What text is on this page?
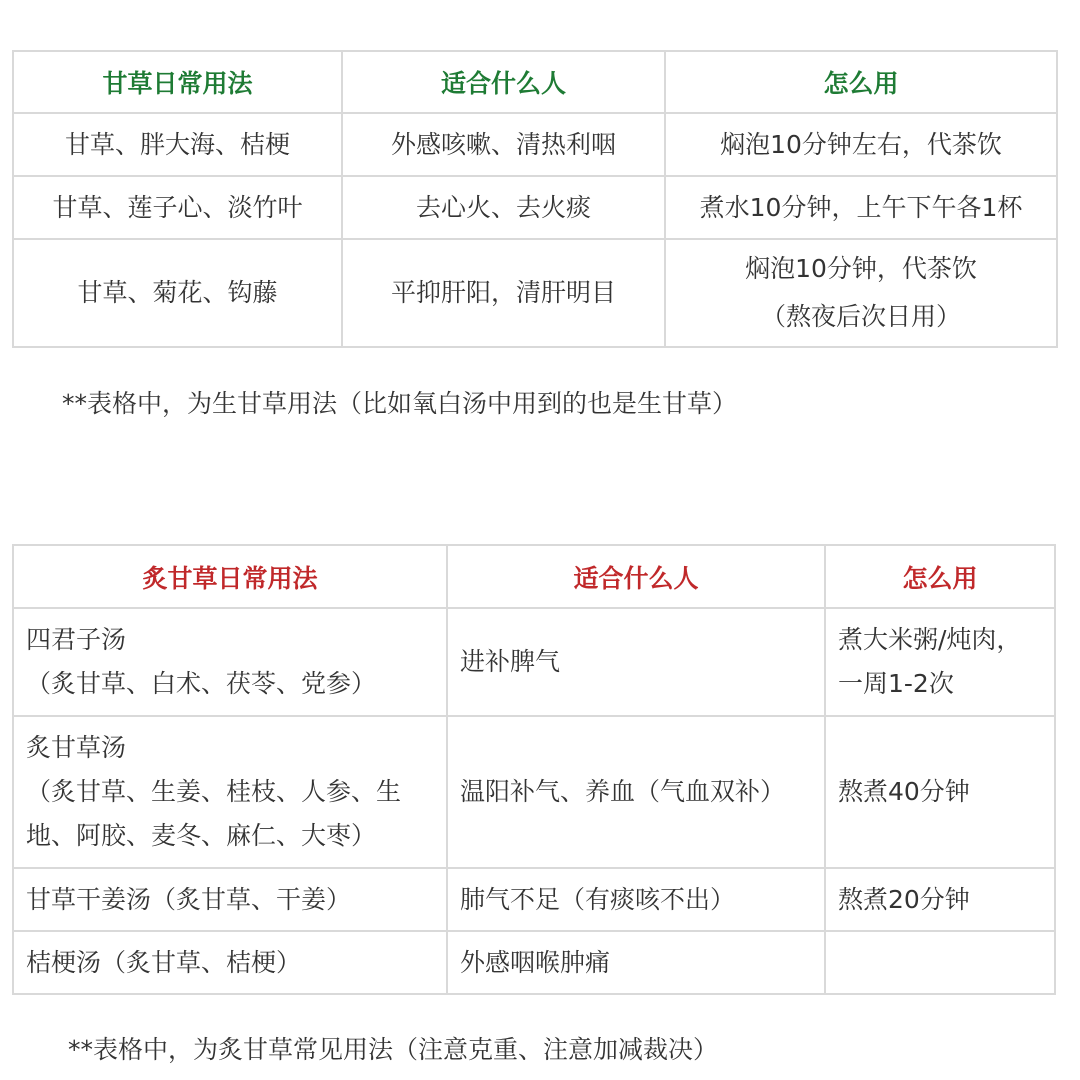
甘草日常用法	适合什么人	怎么用
甘草、胖大海、桔梗	外感咳嗽、清热利咽	焖泡10分钟左右，代茶饮
甘草、莲子心、淡竹叶	去心火、去火痰	煮水10分钟，上午下午各1杯
甘草、菊花、钩藤	平抑肝阳，清肝明目	焖泡10分钟，代茶饮
（熬夜后次日用）
**表格中，为生甘草用法（比如氧白汤中用到的也是生甘草）
炙甘草日常用法	适合什么人	怎么用

四君子汤
（炙甘草、白术、茯苓、党参）	进补脾气	煮大米粥/炖肉，
一周1-2次

炙甘草汤
（炙甘草、生姜、桂枝、人参、生
地、阿胶、麦冬、麻仁、大枣）	温阳补气、养血（气血双补）	熬煮40分钟
甘草干姜汤（炙甘草、干姜）	肺气不足（有痰咳不出）	熬煮20分钟
桔梗汤（炙甘草、桔梗）	外感咽喉肿痛	
**表格中，为炙甘草常见用法（注意克重、注意加减裁决）
